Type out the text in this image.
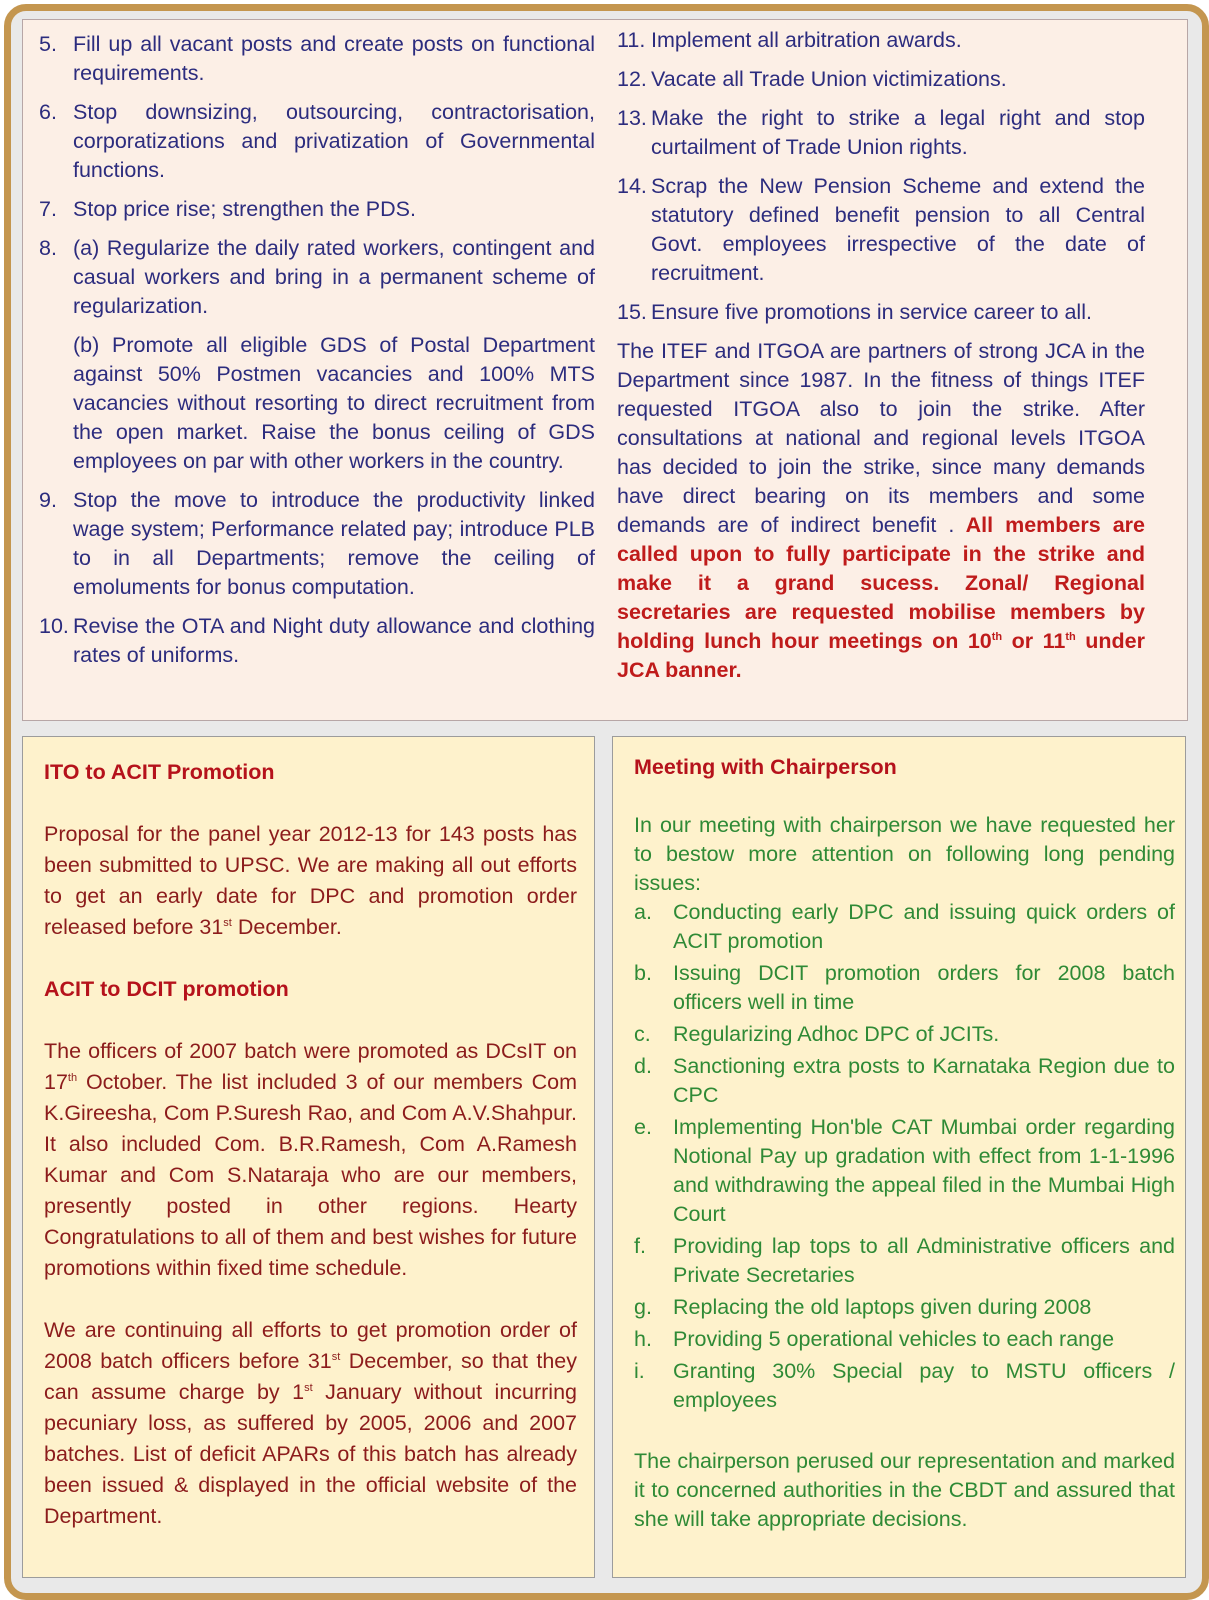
5. Fill up all vacant posts and create posts on functional requirements.
6. Stop downsizing, outsourcing, contractorisation, corporatizations and privatization of Governmental functions.
7. Stop price rise; strengthen the PDS.
8. (a) Regularize the daily rated workers, contingent and casual workers and bring in a permanent scheme of regularization.
(b) Promote all eligible GDS of Postal Department against 50% Postmen vacancies and 100% MTS vacancies without resorting to direct recruitment from the open market. Raise the bonus ceiling of GDS employees on par with other workers in the country.
9. Stop the move to introduce the productivity linked wage system; Performance related pay; introduce PLB to in all Departments; remove the ceiling of emoluments for bonus computation.
10. Revise the OTA and Night duty allowance and clothing rates of uniforms.
11. Implement all arbitration awards.
12. Vacate all Trade Union victimizations.
13. Make the right to strike a legal right and stop curtailment of Trade Union rights.
14. Scrap the New Pension Scheme and extend the statutory defined benefit pension to all Central Govt. employees irrespective of the date of recruitment.
15. Ensure five promotions in service career to all.
The ITEF and ITGOA are partners of strong JCA in the Department since 1987. In the fitness of things ITEF requested ITGOA also to join the strike. After consultations at national and regional levels ITGOA has decided to join the strike, since many demands have direct bearing on its members and some demands are of indirect benefit . All members are called upon to fully participate in the strike and make it a grand sucess. Zonal/ Regional secretaries are requested mobilise members by holding lunch hour meetings on 10th or 11th under JCA banner.

ITO to ACIT Promotion

Proposal for the panel year 2012-13 for 143 posts has been submitted to UPSC. We are making all out efforts to get an early date for DPC and promotion order released before 31st December.

ACIT to DCIT promotion

The officers of 2007 batch were promoted as DCsIT on 17th October. The list included 3 of our members Com K.Gireesha, Com P.Suresh Rao, and Com A.V.Shahpur. It also included Com. B.R.Ramesh, Com A.Ramesh Kumar and Com S.Nataraja who are our members, presently posted in other regions. Hearty Congratulations to all of them and best wishes for future promotions within fixed time schedule.

We are continuing all efforts to get promotion order of 2008 batch officers before 31st December, so that they can assume charge by 1st January without incurring pecuniary loss, as suffered by 2005, 2006 and 2007 batches. List of deficit APARs of this batch has already been issued & displayed in the official website of the Department.

Meeting with Chairperson

In our meeting with chairperson we have requested her to bestow more attention on following long pending issues:

a. Conducting early DPC and issuing quick orders of ACIT promotion
b. Issuing DCIT promotion orders for 2008 batch officers well in time
c.	Regularizing Adhoc DPC of JCITs.
d. Sanctioning extra posts to Karnataka Region due to CPC
e. Implementing Hon'ble CAT Mumbai order regarding Notional Pay up gradation with effect from 1-1-1996 and withdrawing the appeal filed in the Mumbai High Court
f.	Providing lap tops to all Administrative officers and Private Secretaries
g. Replacing the old laptops given during 2008
h. Providing 5 operational vehicles to each range
i.	Granting 30% Special pay to MSTU officers / employees

The chairperson perused our representation and marked it to concerned authorities in the CBDT and assured that she will take appropriate decisions.
